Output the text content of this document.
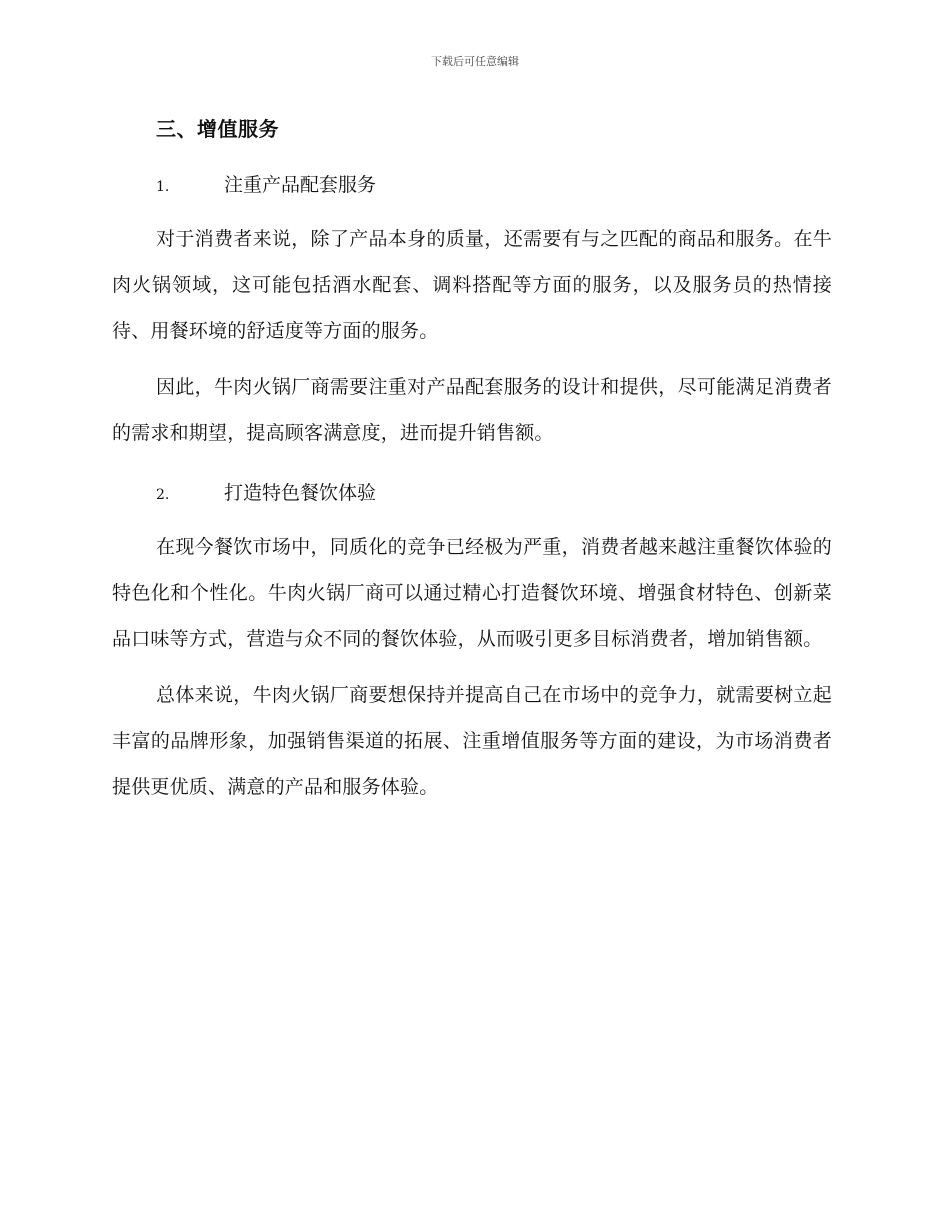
下载后可任意编辑
三、增值服务
1.	注重产品配套服务

对于消费者来说，除了产品本身的质量，还需要有与之匹配的商品和服务。在牛肉火锅领域，这可能包括酒水配套、调料搭配等方面的服务，以及服务员的热情接待、用餐环境的舒适度等方面的服务。

因此，牛肉火锅厂商需要注重对产品配套服务的设计和提供，尽可能满足消费者的需求和期望，提高顾客满意度，进而提升销售额。

2.	打造特色餐饮体验

在现今餐饮市场中，同质化的竞争已经极为严重，消费者越来越注重餐饮体验的特色化和个性化。牛肉火锅厂商可以通过精心打造餐饮环境、增强食材特色、创新菜品口味等方式，营造与众不同的餐饮体验，从而吸引更多目标消费者，增加销售额。

总体来说，牛肉火锅厂商要想保持并提高自己在市场中的竞争力，就需要树立起丰富的品牌形象，加强销售渠道的拓展、注重增值服务等方面的建设，为市场消费者提供更优质、满意的产品和服务体验。
